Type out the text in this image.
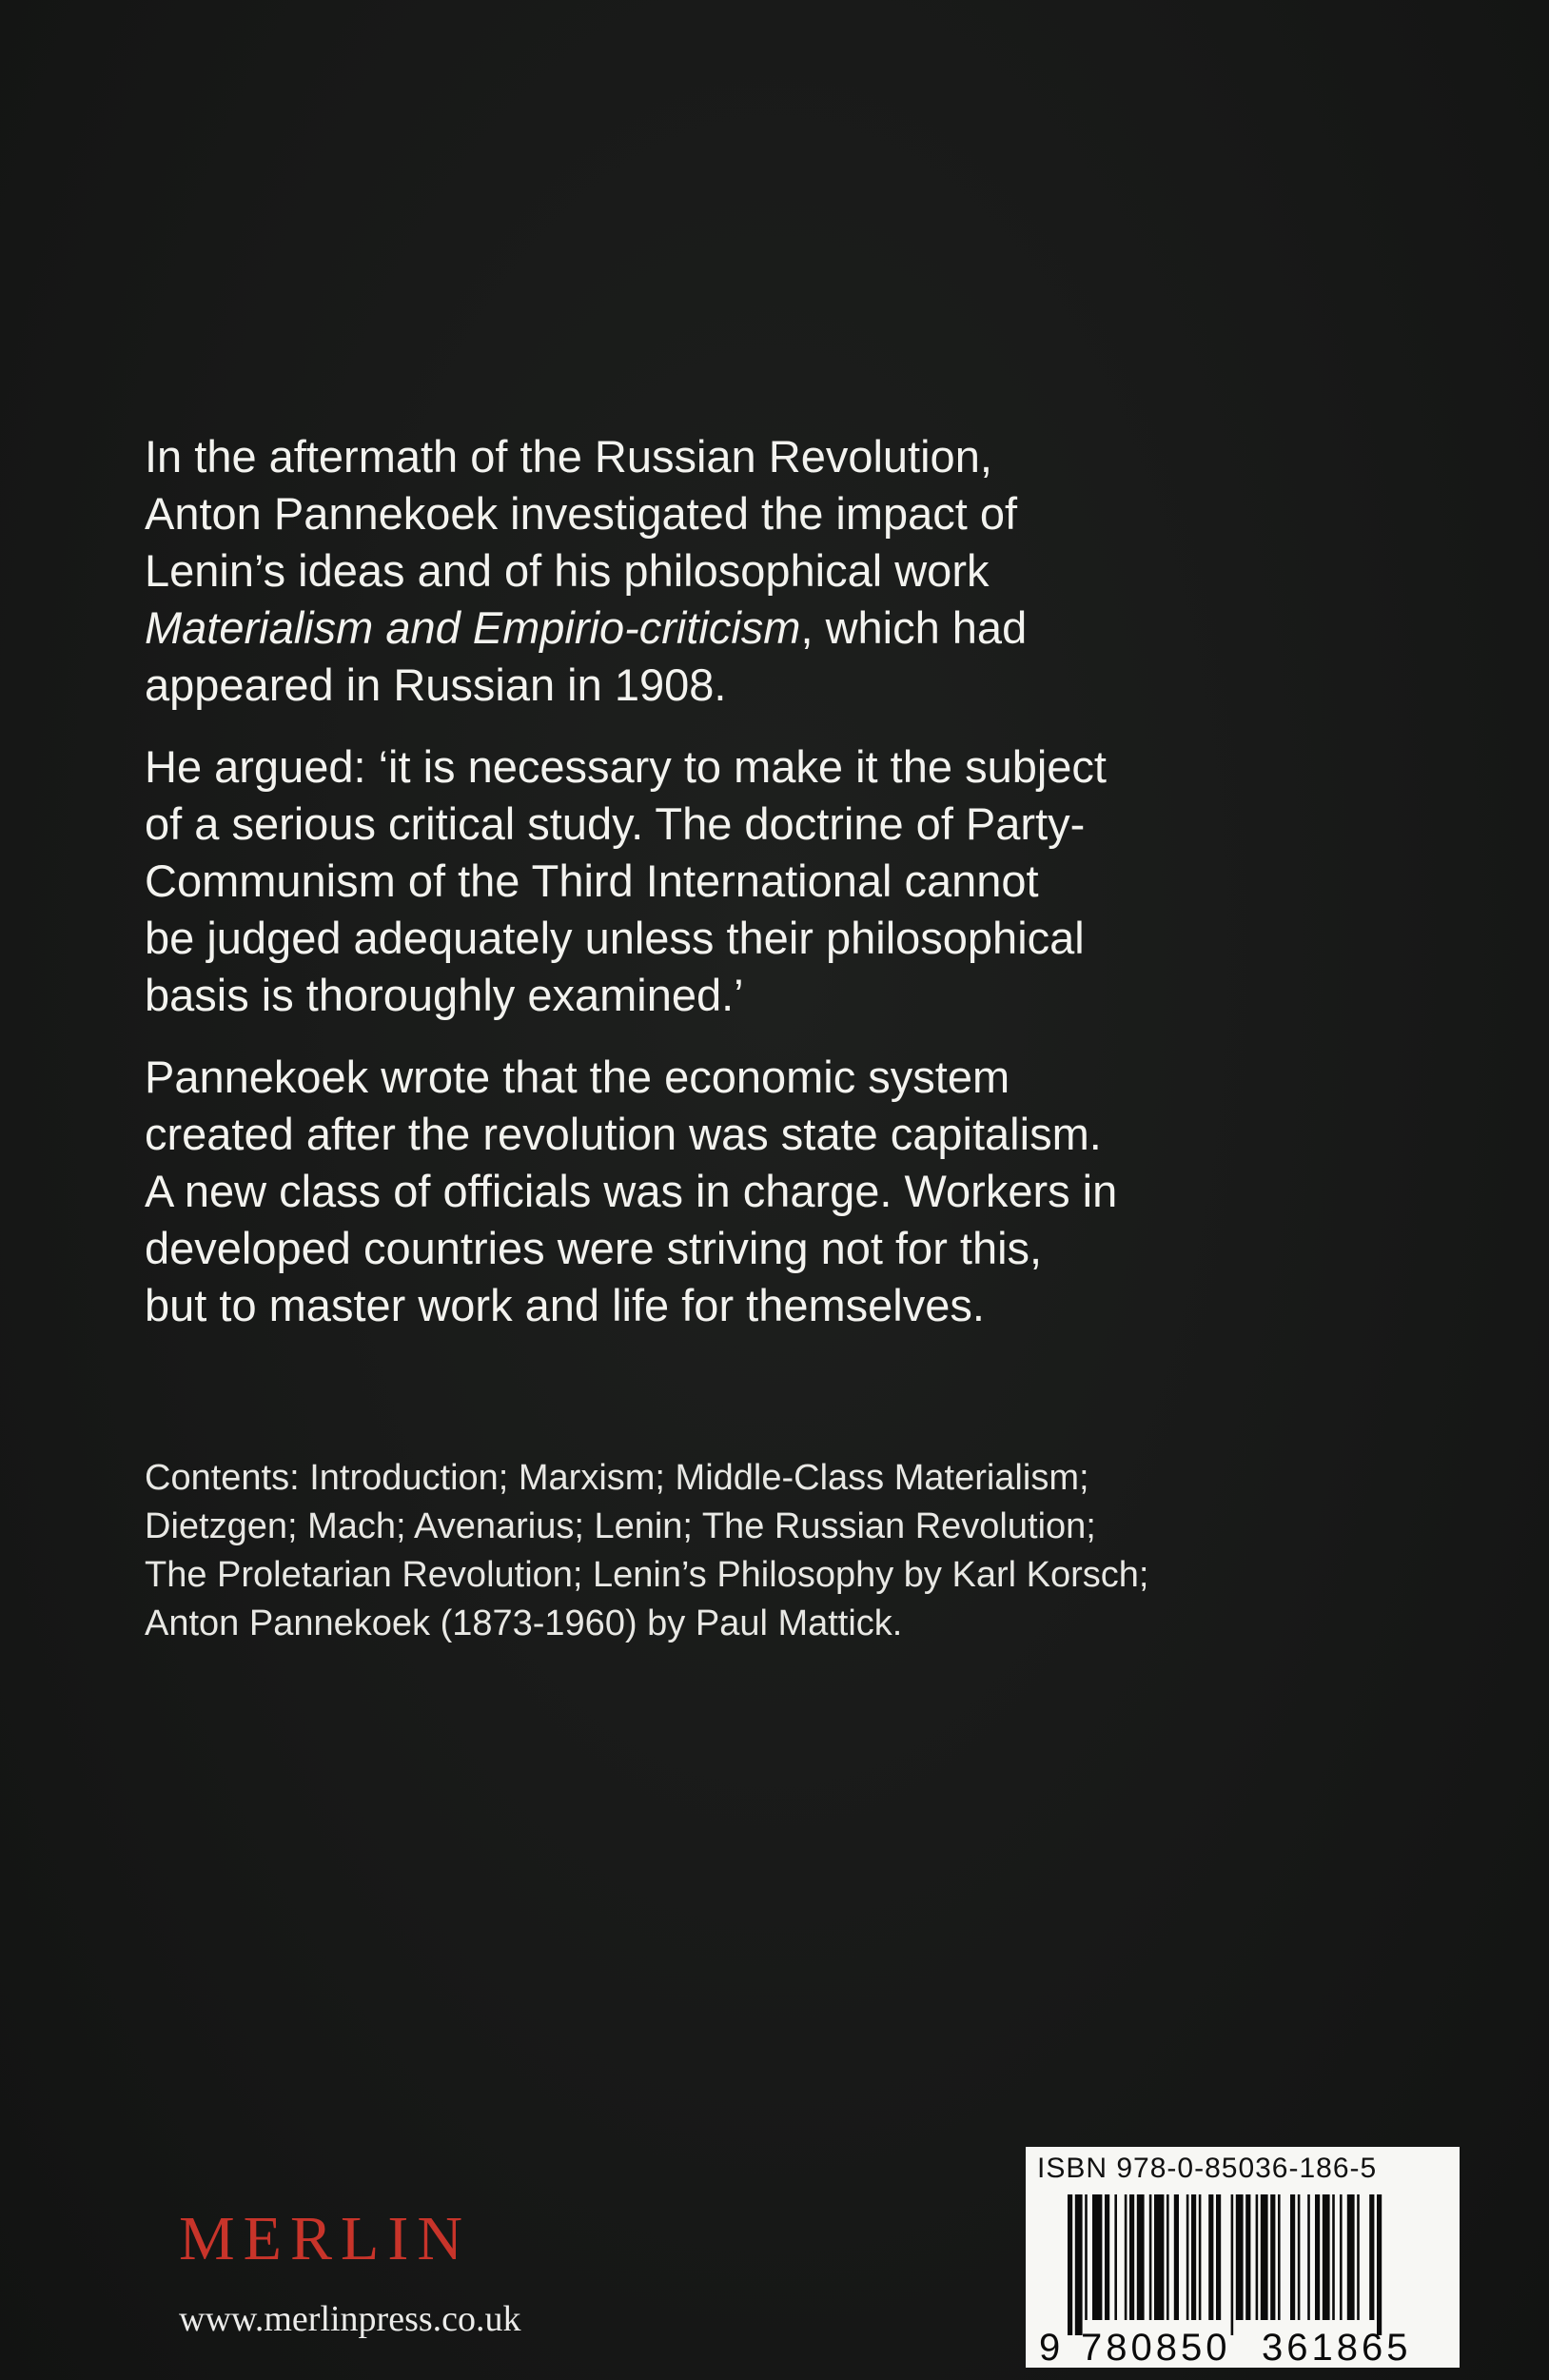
In the aftermath of the Russian Revolution,
Anton Pannekoek investigated the impact of
Lenin’s ideas and of his philosophical work
Materialism and Empirio-criticism, which had
appeared in Russian in 1908.

He argued: ‘it is necessary to make it the subject
of a serious critical study. The doctrine of Party-
Communism of the Third International cannot
be judged adequately unless their philosophical
basis is thoroughly examined.’

Pannekoek wrote that the economic system
created after the revolution was state capitalism.
A new class of officials was in charge. Workers in
developed countries were striving not for this,
but to master work and life for themselves.

Contents: Introduction; Marxism; Middle-Class Materialism;
Dietzgen; Mach; Avenarius; Lenin; The Russian Revolution;
The Proletarian Revolution; Lenin’s Philosophy by Karl Korsch;
Anton Pannekoek (1873-1960) by Paul Mattick.
MERLIN
www.merlinpress.co.uk
ISBN 978-0-85036-186-5
9 780850 361865
